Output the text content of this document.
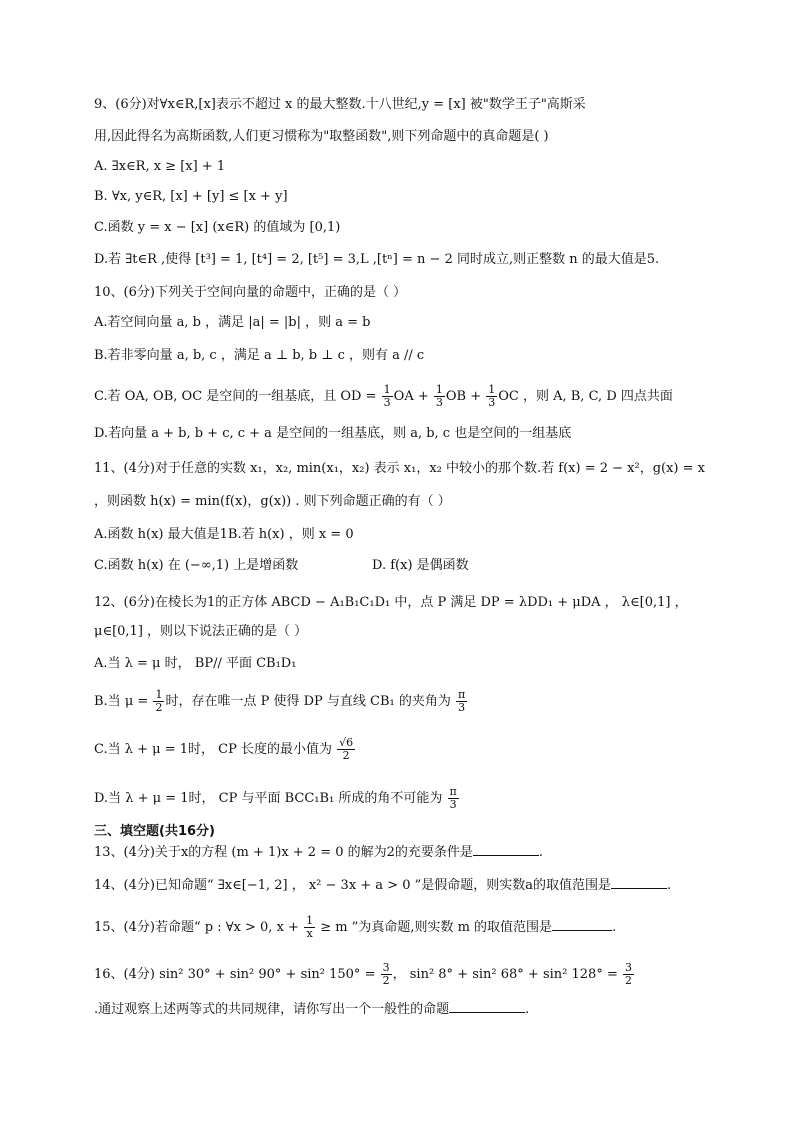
9、(6分)对∀x∈R,[x]表示不超过 x 的最大整数.十八世纪,y = [x] 被"数学王子"高斯采
用,因此得名为高斯函数,人们更习惯称为"取整函数",则下列命题中的真命题是( )
A. ∃x∈R, x ≥ [x] + 1
B. ∀x, y∈R, [x] + [y] ≤ [x + y]
C.函数 y = x − [x] (x∈R) 的值域为 [0,1)
D.若 ∃t∈R ,使得 [t³] = 1, [t⁴] = 2, [t⁵] = 3,L ,[tⁿ] = n − 2 同时成立,则正整数 n 的最大值是5.
10、(6分)下列关于空间向量的命题中，正确的是（ ）
A.若空间向量 a, b ，满足 |a| = |b| ，则 a = b
B.若非零向量 a, b, c ，满足 a ⊥ b, b ⊥ c ，则有 a // c
C.若 OA, OB, OC 是空间的一组基底，且 OD = $\frac{1}{3}$ OA + $\frac{1}{3}$ OB + $\frac{1}{3}$ OC ，则 A, B, C, D 四点共面
D.若向量 a + b, b + c, c + a 是空间的一组基底，则 a, b, c 也是空间的一组基底
11、(4分)对于任意的实数 x₁，x₂, min(x₁，x₂) 表示 x₁，x₂ 中较小的那个数.若 f(x) = 2 − x²，g(x) = x
，则函数 h(x) = min(f(x)，g(x)) . 则下列命题正确的有（ ）
A.函数 h(x) 最大值是1B.若 h(x) ，则 x = 0
C.函数 h(x) 在 (−∞,1) 上是增函数	D. f(x) 是偶函数
12、(6分)在棱长为1的正方体 ABCD − A₁B₁C₁D₁ 中，点 P 满足 DP = λDD₁ + μDA ， λ∈[0,1] ，
μ∈[0,1] ，则以下说法正确的是（ ）
A.当 λ = μ 时， BP// 平面 CB₁D₁
B.当 $\mu = \frac{1}{2}$ 时，存在唯一点 P 使得 DP 与直线 CB₁ 的夹角为 $\frac{\pi}{3}$
C.当 λ + μ = 1时， CP 长度的最小值为 $\frac{√6}{2}$
D.当 λ + μ = 1时， CP 与平面 BCC₁B₁ 所成的角不可能为 $\frac{\pi}{3}$
三、填空题(共16分)
13、(4分)关于x的方程 (m + 1)x + 2 = 0 的解为2的充要条件是	.
14、(4分)已知命题“ ∃x∈[−1, 2] ， x² − 3x + a > 0 ”是假命题，则实数a的取值范围是	.
15、(4分)若命题“ p : ∀x > 0, $x + \frac{1}{x} \ge m$ ”为真命题,则实数 m 的取值范围是	.
16、(4分) sin² 30° + sin² 90° + sin² $150^\circ = \frac{3}{2}$ ， sin² 8° + sin² 68° + sin² $128^\circ = \frac{3}{2}$
.通过观察上述两等式的共同规律，请你写出一个一般性的命题	.
